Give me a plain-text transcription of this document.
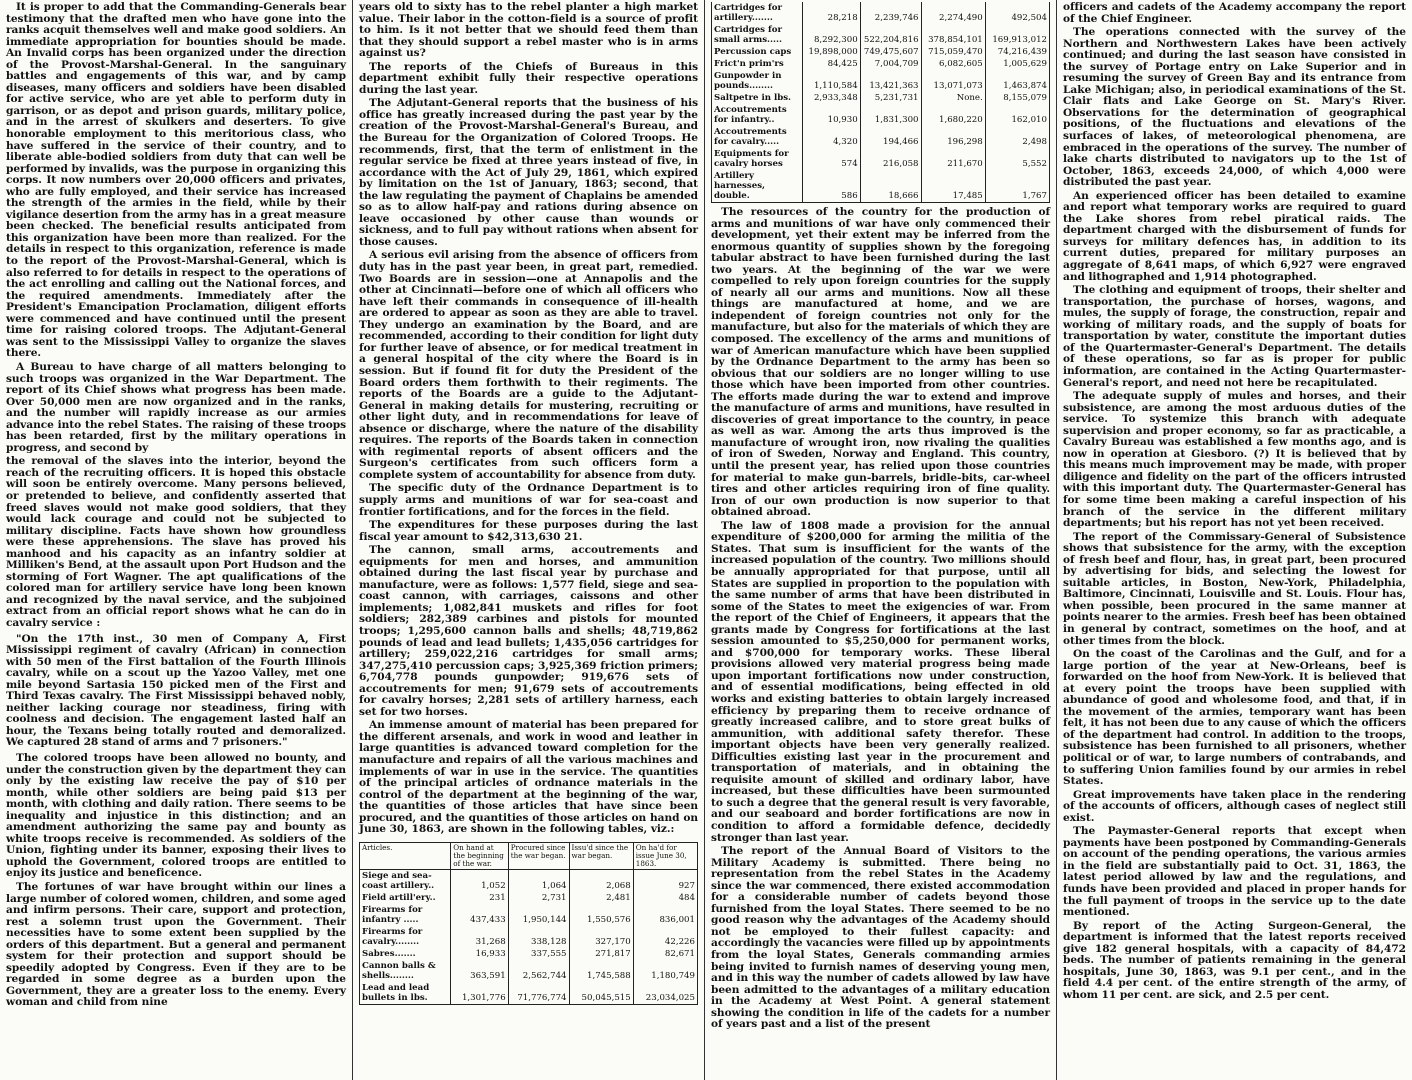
It is proper to add that the Commanding-Generals bear testimony that the drafted men who have gone into the ranks acquit themselves well and make good soldiers. An immediate appropriation for bounties should be made. An Invalid corps has been organized under the direction of the Provost-Marshal-General. In the sanguinary battles and engagements of this war, and by camp diseases, many officers and soldiers have been disabled for active service, who are yet able to perform duty in garrison, or as depot and prison guards, military police, and in the arrest of skulkers and deserters. To give honorable employment to this meritorious class, who have suffered in the service of their country, and to liberate able-bodied soldiers from duty that can well be performed by invalids, was the purpose in organizing this corps. It now numbers over 20,000 officers and privates, who are fully employed, and their service has increased the strength of the armies in the field, while by their vigilance desertion from the army has in a great measure been checked. The beneficial results anticipated from this organization have been more than realized. For the details in respect to this organization, reference is made to the report of the Provost-Marshal-General, which is also referred to for details in respect to the operations of the act enrolling and calling out the National forces, and the required amendments. Immediately after the President's Emancipation Proclamation, diligent efforts were commenced and have continued until the present time for raising colored troops. The Adjutant-General was sent to the Mississippi Valley to organize the slaves there.

A Bureau to have charge of all matters belonging to such troops was organized in the War Department. The report of its Chief shows what progress has been made. Over 50,000 men are now organized and in the ranks, and the number will rapidly increase as our armies advance into the rebel States. The raising of these troops has been retarded, first by the military operations in progress, and second by

the removal of the slaves into the interior, beyond the reach of the recruiting officers. It is hoped this obstacle will soon be entirely overcome. Many persons believed, or pretended to believe, and confidently asserted that freed slaves would not make good soldiers, that they would lack courage and could not be subjected to military discipline. Facts have shown how groundless were these apprehensions. The slave has proved his manhood and his capacity as an infantry soldier at Milliken's Bend, at the assault upon Port Hudson and the storming of Fort Wagner. The apt qualifications of the colored man for artillery service have long been known and recognized by the naval service, and the subjoined extract from an official report shows what he can do in cavalry service :

"On the 17th inst., 30 men of Company A, First Mississippi regiment of cavalry (African) in connection with 50 men of the First battalion of the Fourth Illinois cavalry, while on a scout up the Yazoo Valley, met one mile beyond Sartasia 150 picked men of the First and Third Texas cavalry. The First Mississippi behaved nobly, neither lacking courage nor steadiness, firing with coolness and decision. The engagement lasted half an hour, the Texans being totally routed and demoralized. We captured 28 stand of arms and 7 prisoners."

The colored troops have been allowed no bounty, and under the construction given by the department they can only by the existing law receive the pay of $10 per month, while other soldiers are being paid $13 per month, with clothing and daily ration. There seems to be inequality and injustice in this distinction; and an amendment authorizing the same pay and bounty as white troops receive is recommended. As soldiers of the Union, fighting under its banner, exposing their lives to uphold the Government, colored troops are entitled to enjoy its justice and beneficence.

The fortunes of war have brought within our lines a large number of colored women, children, and some aged and infirm persons. Their care, support and protection, rest a solemn trust upon the Government. Their necessities have to some extent been supplied by the orders of this department. But a general and permanent system for their protection and support should be speedily adopted by Congress. Even if they are to be regarded in some degree as a burden upon the Government, they are a greater loss to the enemy. Every woman and child from nine

years old to sixty has to the rebel planter a high market value. Their labor in the cotton-field is a source of profit to him. Is it not better that we should feed them than that they should support a rebel master who is in arms against us?

The reports of the Chiefs of Bureaus in this department exhibit fully their respective operations during the last year.

The Adjutant-General reports that the business of his office has greatly increased during the past year by the creation of the Provost-Marshal-General's Bureau, and the Bureau for the Organization of Colored Troops. He recommends, first, that the term of enlistment in the regular service be fixed at three years instead of five, in accordance with the Act of July 29, 1861, which expired by limitation on the 1st of January, 1863; second, that the law regulating the payment of Chaplains be amended so as to allow half-pay and rations during absence on leave occasioned by other cause than wounds or sickness, and to full pay without rations when absent for those causes.

A serious evil arising from the absence of officers from duty has in the past year been, in great part, remedied. Two Boards are in session—one at Annapolis and the other at Cincinnati—before one of which all officers who have left their commands in consequence of ill-health are ordered to appear as soon as they are able to travel. They undergo an examination by the Board, and are recommended, according to their condition for light duty for further leave of absence, or for medical treatment in a general hospital of the city where the Board is in session. But if found fit for duty the President of the Board orders them forthwith to their regiments. The reports of the Boards are a guide to the Adjutant-General in making details for mustering, recruiting or other light duty, and in recommendations for leave of absence or discharge, where the nature of the disability requires. The reports of the Boards taken in connection with regimental reports of absent officers and the Surgeon's certificates from such officers form a complete system of accountability for absence from duty.

The specific duty of the Ordnance Department is to supply arms and munitions of war for sea-coast and frontier fortifications, and for the forces in the field.

The expenditures for these purposes during the last fiscal year amount to $42,313,630 21.

The cannon, small arms, accoutrements and equipments for men and horses, and ammunition obtained during the last fiscal year by purchase and manufacture, were as follows: 1,577 field, siege and sea-coast cannon, with carriages, caissons and other implements; 1,082,841 muskets and rifles for foot soldiers; 282,389 carbines and pistols for mounted troops; 1,295,600 cannon balls and shells; 48,719,862 pounds of lead and lead bullets; 1,435,056 cartridges for artillery; 259,022,216 cartridges for small arms; 347,275,410 percussion caps; 3,925,369 friction primers; 6,704,778 pounds gunpowder; 919,676 sets of accoutrements for men; 91,679 sets of accoutrements for cavalry horses; 2,281 sets of artillery harness, each set for two horses.

An immense amount of material has been prepared for the different arsenals, and work in wood and leather in large quantities is advanced toward completion for the manufacture and repairs of all the various machines and implements of war in use in the service. The quantities of the principal articles of ordnance materials in the control of the department at the beginning of the war, the quantities of those articles that have since been procured, and the quantities of those articles on hand on June 30, 1863, are shown in the following tables, viz.:

Articles.	On hand at the beginning of the war.	Procured since the war began.	Issu'd since the war began.	On ha'd for issue June 30, 1863.
Siege and sea-coast artillery..	1,052	1,064	2,068	927
Field artill'ery..	231	2,731	2,481	484
Firearms for infantry .....	437,433	1,950,144	1,550,576	836,001
Firearms for cavalry........	31,268	338,128	327,170	42,226
Sabres.......	16,933	337,555	271,817	82,671
Cannon balls & shells........	363,591	2,562,744	1,745,588	1,180,749
Lead and lead bullets in lbs.	1,301,776	71,776,774	50,045,515	23,034,025
Cartridges for artillery.......	28,218	2,239,746	2,274,490	492,504
Cartridges for small arms.....	8,292,300	522,204,816	378,854,101	169,913,012
Percussion caps	19,898,000	749,475,607	715,059,470	74,216,439
Frict'n prim'rs	84,425	7,004,709	6,082,605	1,005,629
Gunpowder in pounds........	1,110,584	13,421,363	13,071,073	1,463,874
Saltpetre in lbs.	2,933,348	5,231,731	None.	8,155,079
Accoutrements for infantry..	10,930	1,831,300	1,680,220	162,010
Accoutrements for cavalry.....	4,320	194,466	196,298	2,498
Equipments for cavalry horses	574	216,058	211,670	5,552
Artillery harnesses, double.	586	18,666	17,485	1,767

The resources of the country for the production of arms and munitions of war have only commenced their development, yet their extent may be inferred from the enormous quantity of supplies shown by the foregoing tabular abstract to have been furnished during the last two years. At the beginning of the war we were compelled to rely upon foreign countries for the supply of nearly all our arms and munitions. Now all these things are manufactured at home, and we are independent of foreign countries not only for the manufacture, but also for the materials of which they are composed. The excellency of the arms and munitions of war of American manufacture which have been supplied by the Ordnance Department to the army has been so obvious that our soldiers are no longer willing to use those which have been imported from other countries. The efforts made during the war to extend and improve the manufacture of arms and munitions, have resulted in discoveries of great importance to the country, in peace as well as war. Among the arts thus improved is the manufacture of wrought iron, now rivaling the qualities of iron of Sweden, Norway and England. This country, until the present year, has relied upon those countries for material to make gun-barrels, bridle-bits, car-wheel tires and other articles requiring iron of fine quality. Iron of our own production is now superior to that obtained abroad.

The law of 1808 made a provision for the annual expenditure of $200,000 for arming the militia of the States. That sum is insufficient for the wants of the increased population of the country. Two millions should be annually appropriated for that purpose, until all States are supplied in proportion to the population with the same number of arms that have been distributed in some of the States to meet the exigencies of war. From the report of the Chief of Engineers, it appears that the grants made by Congress for fortifications at the last session amounted to $5,250,000 for permanent works, and $700,000 for temporary works. These liberal provisions allowed very material progress being made upon important fortifications now under construction, and of essential modifications, being effected in old works and existing batteries to obtain largely increased efficiency by preparing them to receive ordnance of greatly increased calibre, and to store great bulks of ammunition, with additional safety therefor. These important objects have been very generally realized. Difficulties existing last year in the procurement and transportation of materials, and in obtaining the requisite amount of skilled and ordinary labor, have increased, but these difficulties have been surmounted to such a degree that the general result is very favorable, and our seaboard and border fortifications are now in condition to afford a formidable defence, decidedly stronger than last year.

The report of the Annual Board of Visitors to the Military Academy is submitted. There being no representation from the rebel States in the Academy since the war commenced, there existed accommodation for a considerable number of cadets beyond those furnished from the loyal States. There seemed to be no good reason why the advantages of the Academy should not be employed to their fullest capacity: and accordingly the vacancies were filled up by appointments from the loyal States, Generals commanding armies being invited to furnish names of deserving young men, and in this way the number of cadets allowed by law have been admitted to the advantages of a military education in the Academy at West Point. A general statement showing the condition in life of the cadets for a number of years past and a list of the present

officers and cadets of the Academy accompany the report of the Chief Engineer.

The operations connected with the survey of the Northern and Northwestern Lakes have been actively continued; and during the last season have consisted in the survey of Portage entry on Lake Superior and in resuming the survey of Green Bay and its entrance from Lake Michigan; also, in periodical examinations of the St. Clair flats and Lake George on St. Mary's River. Observations for the determination of geographical positions, of the fluctuations and elevations of the surfaces of lakes, of meteorological phenomena, are embraced in the operations of the survey. The number of lake charts distributed to navigators up to the 1st of October, 1863, exceeds 24,000, of which 4,000 were distributed the past year.

An experienced officer has been detailed to examine and report what temporary works are required to guard the Lake shores from rebel piratical raids. The department charged with the disbursement of funds for surveys for military defences has, in addition to its current duties, prepared for military purposes an aggregate of 8,641 maps, of which 6,927 were engraved and lithographed and 1,914 photographed.

The clothing and equipment of troops, their shelter and transportation, the purchase of horses, wagons, and mules, the supply of forage, the construction, repair and working of military roads, and the supply of boats for transportation by water, constitute the important duties of the Quartermaster-General's Department. The details of these operations, so far as is proper for public information, are contained in the Acting Quartermaster-General's report, and need not here be recapitulated.

The adequate supply of mules and horses, and their subsistence, are among the most arduous duties of the service. To systemize this branch with adequate supervision and proper economy, so far as practicable, a Cavalry Bureau was established a few months ago, and is now in operation at Giesboro. (?) It is believed that by this means much improvement may be made, with proper diligence and fidelity on the part of the officers intrusted with this important duty. The Quartermaster-General has for some time been making a careful inspection of his branch of the service in the different military departments; but his report has not yet been received.

The report of the Commissary-General of Subsistence shows that subsistence for the army, with the exception of fresh beef and flour, has, in great part, been procured by advertising for bids, and selecting the lowest for suitable articles, in Boston, New-York, Philadelphia, Baltimore, Cincinnati, Louisville and St. Louis. Flour has, when possible, been procured in the same manner at points nearer to the armies. Fresh beef has been obtained in general by contract, sometimes on the hoof, and at other times from the block.

On the coast of the Carolinas and the Gulf, and for a large portion of the year at New-Orleans, beef is forwarded on the hoof from New-York. It is believed that at every point the troops have been supplied with abundance of good and wholesome food, and that, if in the movement of the armies, temporary want has been felt, it has not been due to any cause of which the officers of the department had control. In addition to the troops, subsistence has been furnished to all prisoners, whether political or of war, to large numbers of contrabands, and to suffering Union families found by our armies in rebel States.

Great improvements have taken place in the rendering of the accounts of officers, although cases of neglect still exist.

The Paymaster-General reports that except when payments have been postponed by Commanding-Generals on account of the pending operations, the various armies in the field are substantially paid to Oct. 31, 1863, the latest period allowed by law and the regulations, and funds have been provided and placed in proper hands for the full payment of troops in the service up to the date mentioned.

By report of the Acting Surgeon-General, the department is informed that the latest reports received give 182 general hospitals, with a capacity of 84,472 beds. The number of patients remaining in the general hospitals, June 30, 1863, was 9.1 per cent., and in the field 4.4 per cent. of the entire strength of the army, of whom 11 per cent. are sick, and 2.5 per cent.
